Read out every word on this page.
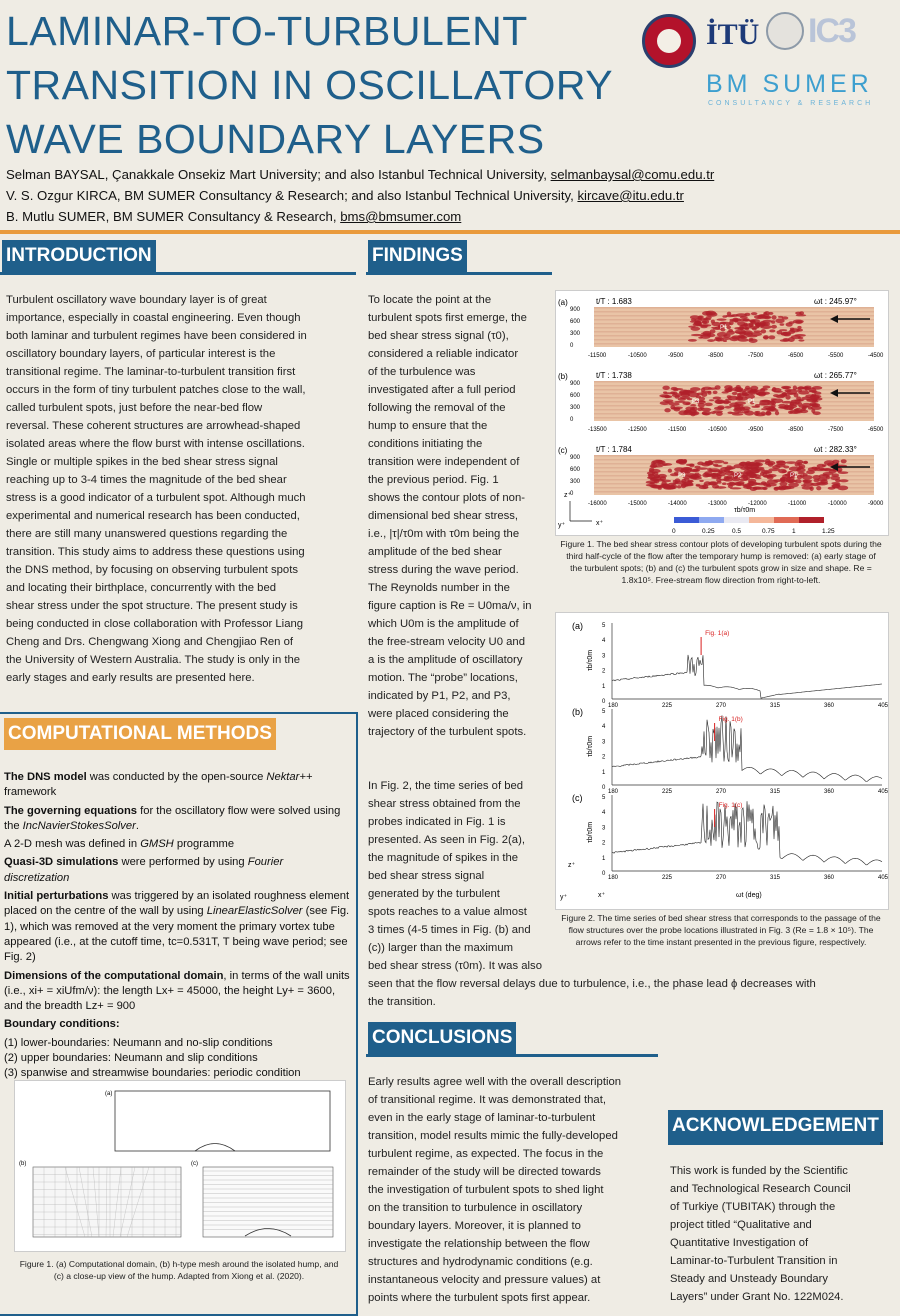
LAMINAR-TO-TURBULENT
TRANSITION IN OSCILLATORY
WAVE BOUNDARY LAYERS
İTÜ IC3
BM SUMER
CONSULTANCY & RESEARCH
Selman BAYSAL, Çanakkale Onsekiz Mart University; and also Istanbul Technical University, selmanbaysal@comu.edu.tr
V. S. Ozgur KIRCA, BM SUMER Consultancy & Research; and also Istanbul Technical University, kircave@itu.edu.tr
B. Mutlu SUMER, BM SUMER Consultancy & Research, bms@bmsumer.com
INTRODUCTION
Turbulent oscillatory wave boundary layer is of great
importance, especially in coastal engineering. Even though
both laminar and turbulent regimes have been considered in
oscillatory boundary layers, of particular interest is the
transitional regime. The laminar-to-turbulent transition first
occurs in the form of tiny turbulent patches close to the wall,
called turbulent spots, just before the near-bed flow
reversal. These coherent structures are arrowhead-shaped
isolated areas where the flow burst with intense oscillations.
Single or multiple spikes in the bed shear stress signal
reaching up to 3-4 times the magnitude of the bed shear
stress is a good indicator of a turbulent spot. Although much
experimental and numerical research has been conducted,
there are still many unanswered questions regarding the
transition. This study aims to address these questions using
the DNS method, by focusing on observing turbulent spots
and locating their birthplace, concurrently with the bed
shear stress under the spot structure. The present study is
being conducted in close collaboration with Professor Liang
Cheng and Drs. Chengwang Xiong and Chengjiao Ren of
the University of Western Australia. The study is only in the
early stages and early results are presented here.
COMPUTATIONAL METHODS
The DNS model was conducted by the open-source Nektar++ framework
The governing equations for the oscillatory flow were solved using the IncNavierStokesSolver.
A 2-D mesh was defined in GMSH programme
Quasi-3D simulations were performed by using Fourier discretization
Initial perturbations was triggered by an isolated roughness element placed on the centre of the wall by using LinearElasticSolver (see Fig. 1), which was removed at the very moment the primary vortex tube appeared (i.e., at the cutoff time, tc=0.531T, T being wave period; see Fig. 2)
Dimensions of the computational domain, in terms of the wall units (i.e., xi+ = xiUfm/ν): the length Lx+ = 45000, the height Ly+ = 3600, and the breadth Lz+ = 900
Boundary conditions:
(1) lower-boundaries: Neumann and no-slip conditions
(2) upper boundaries: Neumann and slip conditions
(3) spanwise and streamwise boundaries: periodic condition
(a)
(b)	(c)
Figure 1. (a) Computational domain, (b) h-type mesh around the isolated hump, and (c) a close-up view of the hump. Adapted from Xiong et al. (2020).
FINDINGS
To locate the point at the
turbulent spots first emerge, the
bed shear stress signal (τ0),
considered a reliable indicator
of the turbulence was
investigated after a full period
following the removal of the
hump to ensure that the
conditions initiating the
transition were independent of
the previous period. Fig. 1
shows the contour plots of non-
dimensional bed shear stress,
i.e., |τ|/τ0m with τ0m being the
amplitude of the bed shear
stress during the wave period.
The Reynolds number in the
figure caption is Re = U0ma/ν, in
which U0m is the amplitude of
the free-stream velocity U0 and
a is the amplitude of oscillatory
motion. The “probe” locations,
indicated by P1, P2, and P3,
were placed considering the
trajectory of the turbulent spots.
In Fig. 2, the time series of bed
shear stress obtained from the
probes indicated in Fig. 1 is
presented. As seen in Fig. 2(a),
the magnitude of spikes in the
bed shear stress signal
generated by the turbulent
spots reaches to a value almost
3 times (4-5 times in Fig. (b) and
(c)) larger than the maximum
bed shear stress (τ0m). It was also
seen that the flow reversal delays due to turbulence, i.e., the phase lead ϕ decreases with
the transition.
(a)	t/T : 1.683	ωt : 245.97°
P1
900
600
300
0
-11500	-10500	-9500	-8500	-7500	-6500	-5500	-4500
(b)	t/T : 1.738	ωt : 265.77°
P3	P1
900
600
300
0
-13500	-12500	-11500	-10500	-9500	-8500	-7500	-6500
(c)	t/T : 1.784	ωt : 282.33°
P3	P2	P1
900
600
300
0
-16000	-15000	-14000	-13000	-12000	-11000	-10000	-9000
τb/τ0m
0	0.25	0.5	0.75	1	1.25
z⁺
y⁺	x⁺
Figure 1. The bed shear stress contour plots of developing turbulent spots during the third half-cycle of the flow after the temporary hump is removed: (a) early stage of the turbulent spots; (b) and (c) the turbulent spots grow in size and shape. Re = 1.8x10⁵. Free-stream flow direction from right-to-left.
(a)	5
4
3
2
1
0
180	225	270	315	360	405
τb/τ0m
Fig. 1(a)
(b)	5
4
3
2
1
0
180	225	270	315	360	405
τb/τ0m
Fig. 1(b)
(c)	5
4
3
2
1
0
180	225	270	315	360	405
τb/τ0m
Fig. 1(c)
ωt (deg)
z⁺
y⁺	x⁺
Figure 2. The time series of bed shear stress that corresponds to the passage of the flow structures over the probe locations illustrated in Fig. 3 (Re = 1.8 × 10⁵). The arrows refer to the time instant presented in the previous figure, respectively.
CONCLUSIONS
Early results agree well with the overall description
of transitional regime. It was demonstrated that,
even in the early stage of laminar-to-turbulent
transition, model results mimic the fully-developed
turbulent regime, as expected. The focus in the
remainder of the study will be directed towards
the investigation of turbulent spots to shed light
on the transition to turbulence in oscillatory
boundary layers. Moreover, it is planned to
investigate the relationship between the flow
structures and hydrodynamic conditions (e.g.
instantaneous velocity and pressure values) at
points where the turbulent spots first appear.
ACKNOWLEDGEMENT
This work is funded by the Scientific
and Technological Research Council
of Turkiye (TUBITAK) through the
project titled “Qualitative and
Quantitative Investigation of
Laminar-to-Turbulent Transition in
Steady and Unsteady Boundary
Layers” under Grant No. 122M024.
